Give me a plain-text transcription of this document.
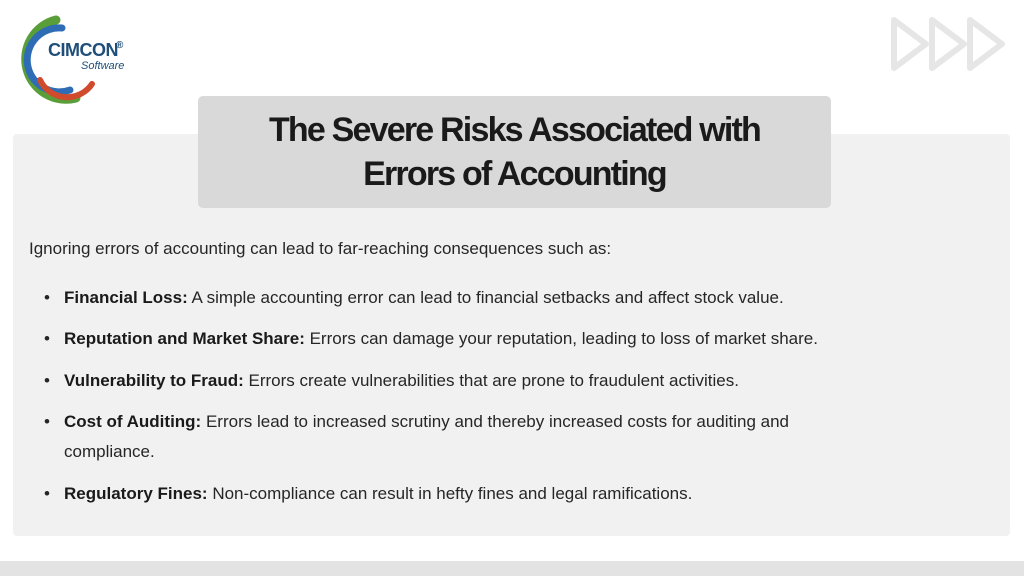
CIMCON
®
Software
The Severe Risks Associated with
Errors of Accounting
Ignoring errors of accounting can lead to far-reaching consequences such as:
• Financial Loss: A simple accounting error can lead to financial setbacks and affect stock value.
• Reputation and Market Share: Errors can damage your reputation, leading to loss of market share.
• Vulnerability to Fraud: Errors create vulnerabilities that are prone to fraudulent activities.
• Cost of Auditing: Errors lead to increased scrutiny and thereby increased costs for auditing and compliance.
• Regulatory Fines: Non-compliance can result in hefty fines and legal ramifications.
